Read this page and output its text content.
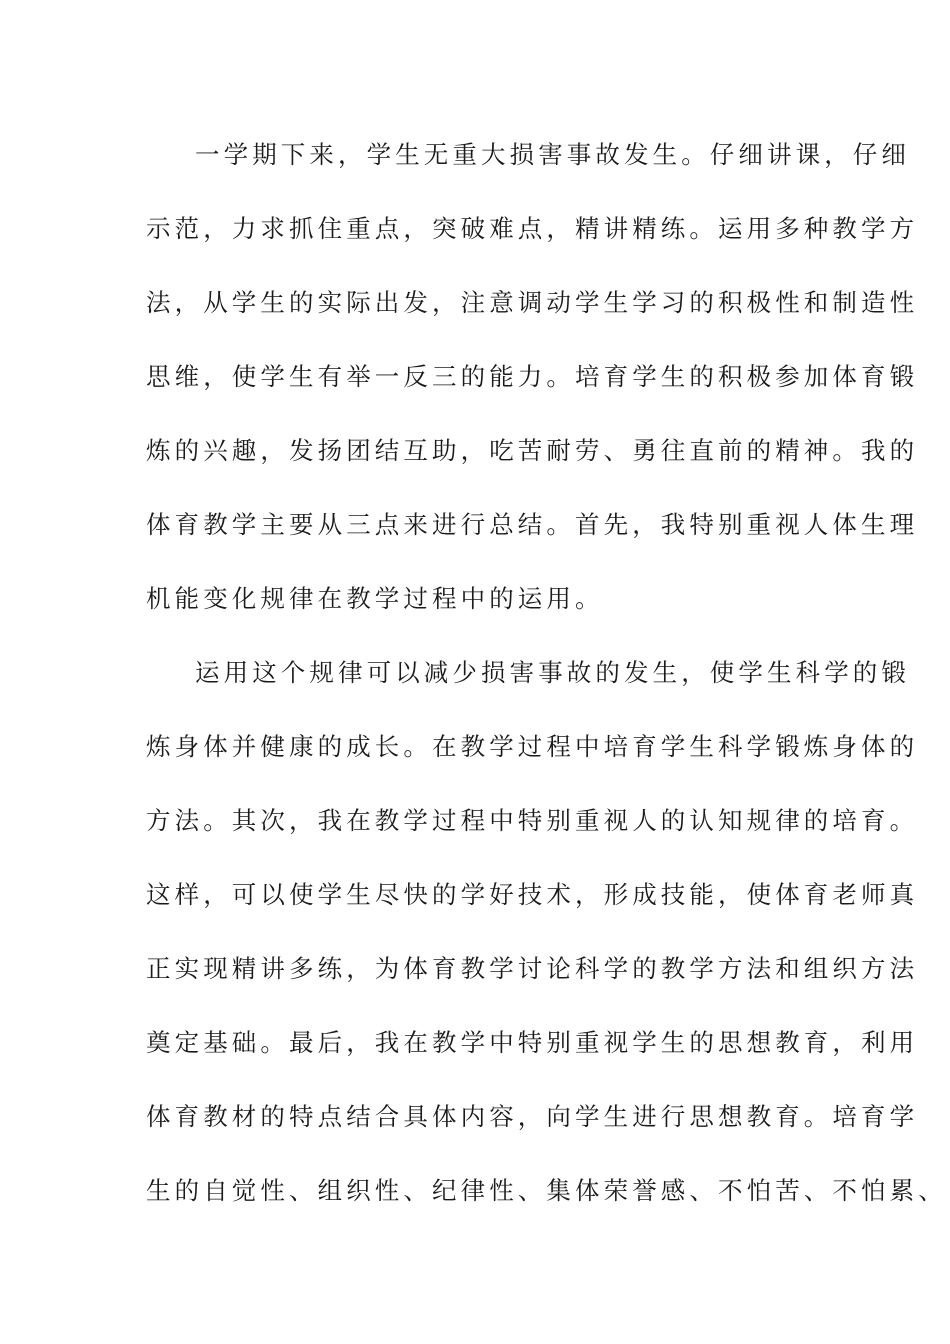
一学期下来，学生无重大损害事故发生。仔细讲课，仔细
示范，力求抓住重点，突破难点，精讲精练。运用多种教学方
法，从学生的实际出发，注意调动学生学习的积极性和制造性
思维，使学生有举一反三的能力。培育学生的积极参加体育锻
炼的兴趣，发扬团结互助，吃苦耐劳、勇往直前的精神。我的
体育教学主要从三点来进行总结。首先，我特别重视人体生理
机能变化规律在教学过程中的运用。
运用这个规律可以减少损害事故的发生，使学生科学的锻
炼身体并健康的成长。在教学过程中培育学生科学锻炼身体的
方法。其次，我在教学过程中特别重视人的认知规律的培育。
这样，可以使学生尽快的学好技术，形成技能，使体育老师真
正实现精讲多练，为体育教学讨论科学的教学方法和组织方法
奠定基础。最后，我在教学中特别重视学生的思想教育，利用
体育教材的特点结合具体内容，向学生进行思想教育。培育学
生的自觉性、组织性、纪律性、集体荣誉感、不怕苦、不怕累、
